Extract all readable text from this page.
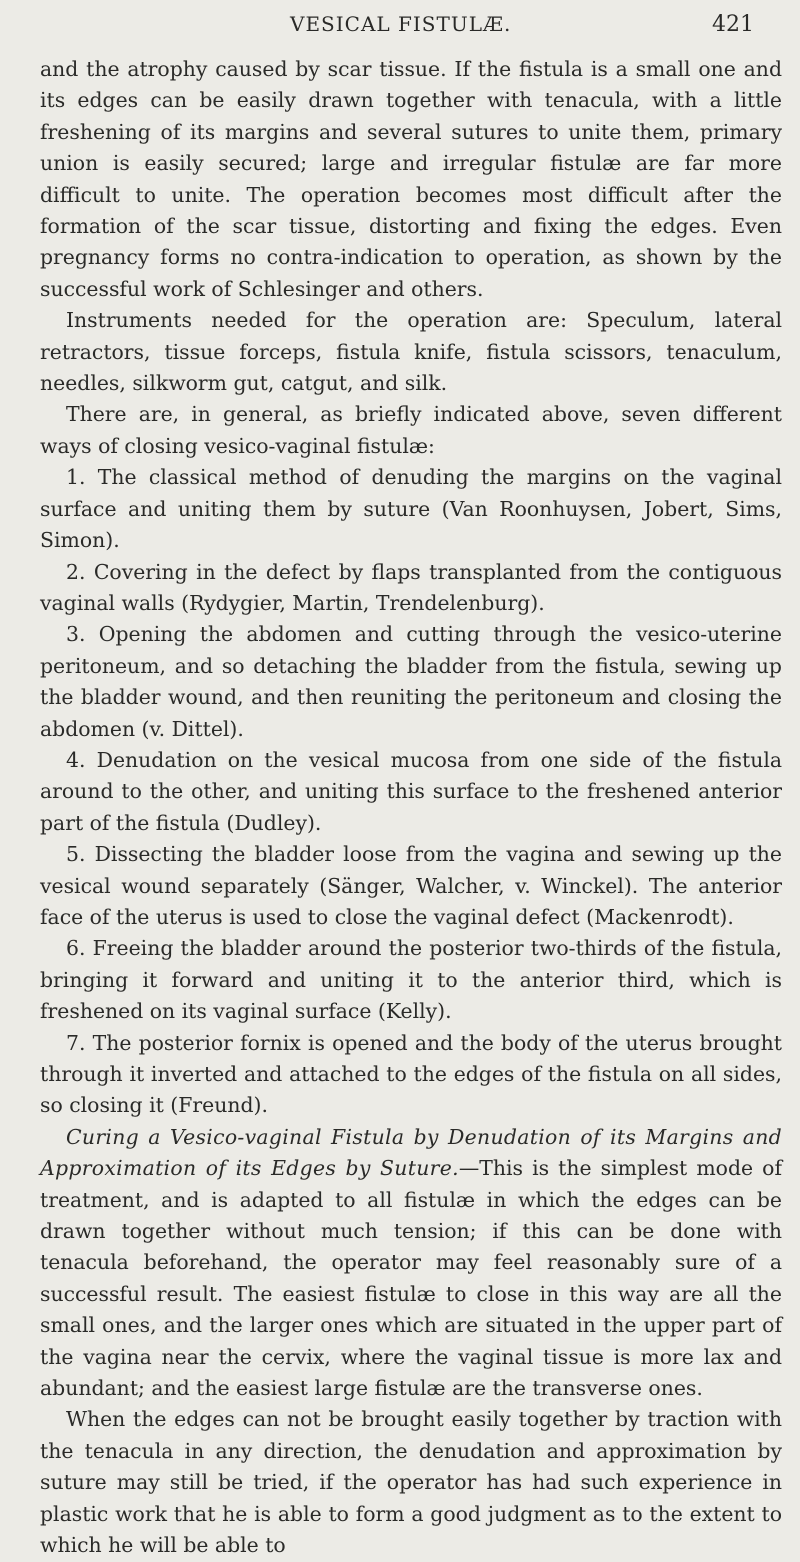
VESICAL FISTULÆ.	421

and the atrophy caused by scar tissue. If the fistula is a small one and its edges can be easily drawn together with tenacula, with a little freshening of its margins and several sutures to unite them, primary union is easily secured; large and irregular fistulæ are far more difficult to unite. The operation becomes most difficult after the formation of the scar tissue, distorting and fixing the edges. Even pregnancy forms no contra-indication to operation, as shown by the successful work of Schlesinger and others.

Instruments needed for the operation are: Speculum, lateral retractors, tissue forceps, fistula knife, fistula scissors, tenaculum, needles, silkworm gut, catgut, and silk.

There are, in general, as briefly indicated above, seven different ways of closing vesico-vaginal fistulæ:

1. The classical method of denuding the margins on the vaginal surface and uniting them by suture (Van Roonhuysen, Jobert, Sims, Simon).

2. Covering in the defect by flaps transplanted from the contiguous vaginal walls (Rydygier, Martin, Trendelenburg).

3. Opening the abdomen and cutting through the vesico-uterine peritoneum, and so detaching the bladder from the fistula, sewing up the bladder wound, and then reuniting the peritoneum and closing the abdomen (v. Dittel).

4. Denudation on the vesical mucosa from one side of the fistula around to the other, and uniting this surface to the freshened anterior part of the fistula (Dudley).

5. Dissecting the bladder loose from the vagina and sewing up the vesical wound separately (Sänger, Walcher, v. Winckel). The anterior face of the uterus is used to close the vaginal defect (Mackenrodt).

6. Freeing the bladder around the posterior two-thirds of the fistula, bringing it forward and uniting it to the anterior third, which is freshened on its vaginal surface (Kelly).

7. The posterior fornix is opened and the body of the uterus brought through it inverted and attached to the edges of the fistula on all sides, so closing it (Freund).

Curing a Vesico-vaginal Fistula by Denudation of its Margins and Approximation of its Edges by Suture.—This is the simplest mode of treatment, and is adapted to all fistulæ in which the edges can be drawn together without much tension; if this can be done with tenacula beforehand, the operator may feel reasonably sure of a successful result. The easiest fistulæ to close in this way are all the small ones, and the larger ones which are situated in the upper part of the vagina near the cervix, where the vaginal tissue is more lax and abundant; and the easiest large fistulæ are the transverse ones.

When the edges can not be brought easily together by traction with the tenacula in any direction, the denudation and approximation by suture may still be tried, if the operator has had such experience in plastic work that he is able to form a good judgment as to the extent to which he will be able to
